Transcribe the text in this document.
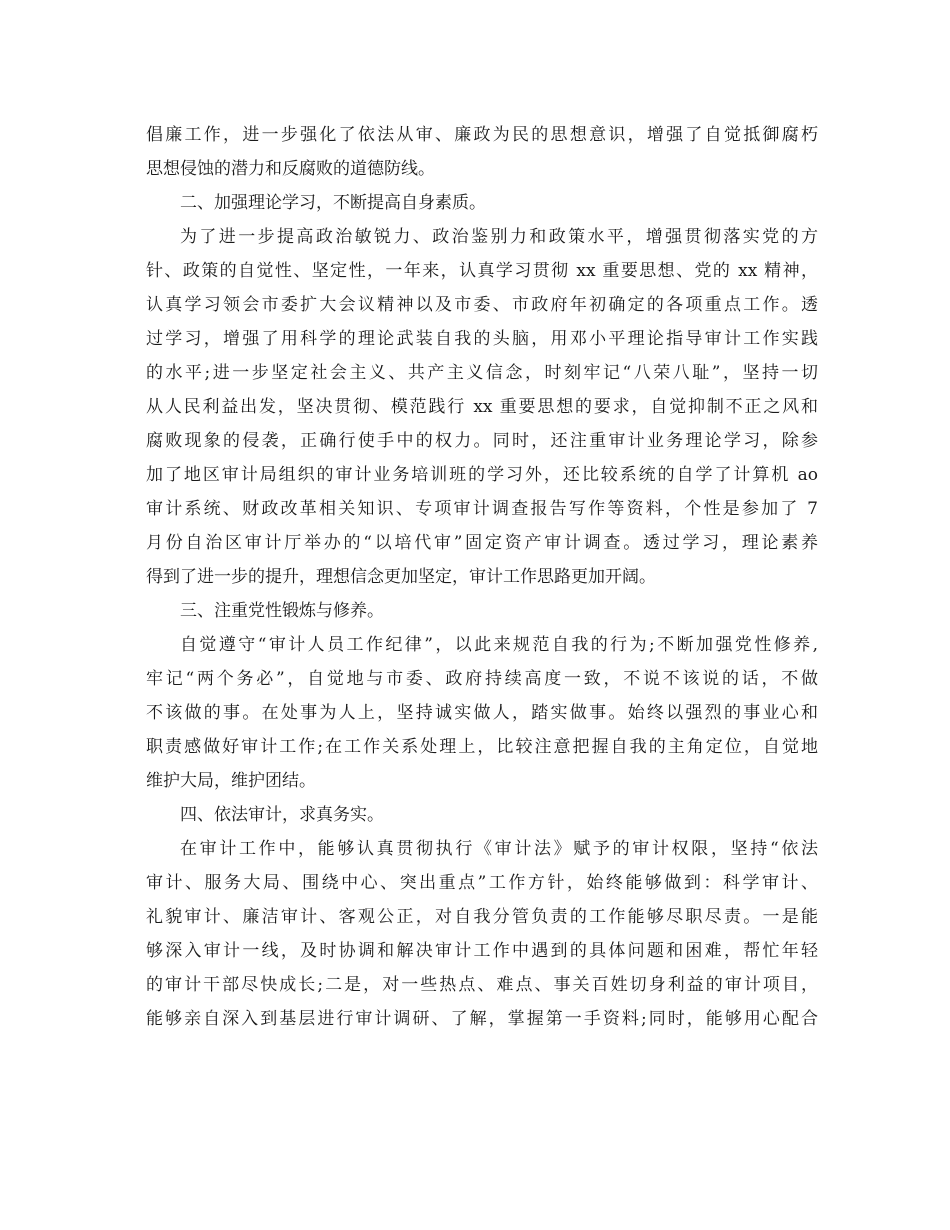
倡廉工作，进一步强化了依法从审、廉政为民的思想意识，增强了自觉抵御腐朽
思想侵蚀的潜力和反腐败的道德防线。
二、加强理论学习，不断提高自身素质。
为了进一步提高政治敏锐力、政治鉴别力和政策水平，增强贯彻落实党的方
针、政策的自觉性、坚定性，一年来，认真学习贯彻 xx 重要思想、党的 xx 精神，
认真学习领会市委扩大会议精神以及市委、市政府年初确定的各项重点工作。透
过学习，增强了用科学的理论武装自我的头脑，用邓小平理论指导审计工作实践
的水平;进一步坚定社会主义、共产主义信念，时刻牢记“八荣八耻”，坚持一切
从人民利益出发，坚决贯彻、模范践行 xx 重要思想的要求，自觉抑制不正之风和
腐败现象的侵袭，正确行使手中的权力。同时，还注重审计业务理论学习，除参
加了地区审计局组织的审计业务培训班的学习外，还比较系统的自学了计算机 ao
审计系统、财政改革相关知识、专项审计调查报告写作等资料，个性是参加了 7
月份自治区审计厅举办的“以培代审”固定资产审计调查。透过学习，理论素养
得到了进一步的提升，理想信念更加坚定，审计工作思路更加开阔。
三、注重党性锻炼与修养。
自觉遵守“审计人员工作纪律”，以此来规范自我的行为;不断加强党性修养,
牢记“两个务必”，自觉地与市委、政府持续高度一致，不说不该说的话，不做
不该做的事。在处事为人上，坚持诚实做人，踏实做事。始终以强烈的事业心和
职责感做好审计工作;在工作关系处理上，比较注意把握自我的主角定位，自觉地
维护大局，维护团结。
四、依法审计，求真务实。
在审计工作中，能够认真贯彻执行《审计法》赋予的审计权限，坚持“依法
审计、服务大局、围绕中心、突出重点”工作方针，始终能够做到：科学审计、
礼貌审计、廉洁审计、客观公正，对自我分管负责的工作能够尽职尽责。一是能
够深入审计一线，及时协调和解决审计工作中遇到的具体问题和困难，帮忙年轻
的审计干部尽快成长;二是，对一些热点、难点、事关百姓切身利益的审计项目，
能够亲自深入到基层进行审计调研、了解，掌握第一手资料;同时，能够用心配合
